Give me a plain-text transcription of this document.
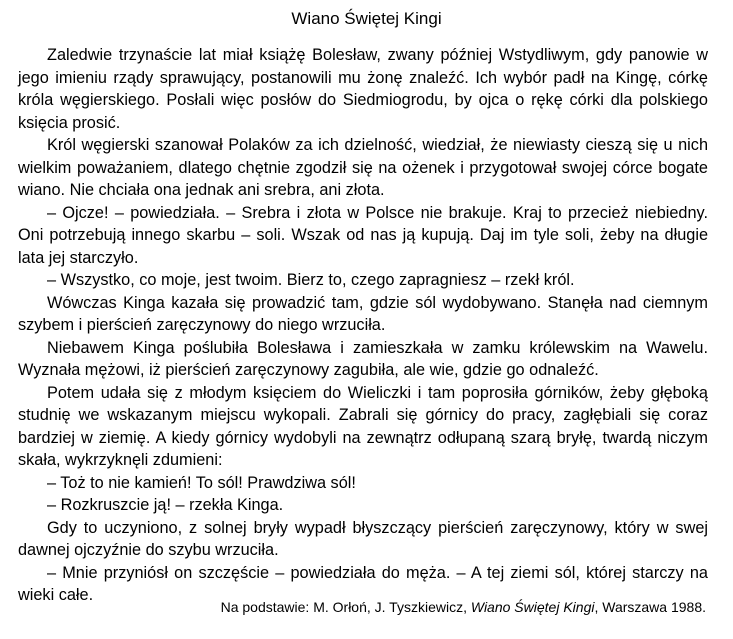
Wiano Świętej Kingi

Zaledwie trzynaście lat miał książę Bolesław, zwany później Wstydliwym, gdy panowie w jego imieniu rządy sprawujący, postanowili mu żonę znaleźć. Ich wybór padł na Kingę, córkę króla węgierskiego. Posłali więc posłów do Siedmiogrodu, by ojca o rękę córki dla polskiego księcia prosić.

Król węgierski szanował Polaków za ich dzielność, wiedział, że niewiasty cieszą się u nich wielkim poważaniem, dlatego chętnie zgodził się na ożenek i przygotował swojej córce bogate wiano. Nie chciała ona jednak ani srebra, ani złota.

– Ojcze! – powiedziała. – Srebra i złota w Polsce nie brakuje. Kraj to przecież niebiedny. Oni potrzebują innego skarbu – soli. Wszak od nas ją kupują. Daj im tyle soli, żeby na długie lata jej starczyło.

– Wszystko, co moje, jest twoim. Bierz to, czego zapragniesz – rzekł król.

Wówczas Kinga kazała się prowadzić tam, gdzie sól wydobywano. Stanęła nad ciemnym szybem i pierścień zaręczynowy do niego wrzuciła.

Niebawem Kinga poślubiła Bolesława i zamieszkała w zamku królewskim na Wawelu. Wyznała mężowi, iż pierścień zaręczynowy zagubiła, ale wie, gdzie go odnaleźć.

Potem udała się z młodym księciem do Wieliczki i tam poprosiła górników, żeby głęboką studnię we wskazanym miejscu wykopali. Zabrali się górnicy do pracy, zagłębiali się coraz bardziej w ziemię. A kiedy górnicy wydobyli na zewnątrz odłupaną szarą bryłę, twardą niczym skała, wykrzyknęli zdumieni:

– Toż to nie kamień! To sól! Prawdziwa sól!

– Rozkruszcie ją! – rzekła Kinga.

Gdy to uczyniono, z solnej bryły wypadł błyszczący pierścień zaręczynowy, który w swej dawnej ojczyźnie do szybu wrzuciła.

– Mnie przyniósł on szczęście – powiedziała do męża. – A tej ziemi sól, której starczy na wieki całe.

Na podstawie: M. Orłoń, J. Tyszkiewicz, Wiano Świętej Kingi, Warszawa 1988.
